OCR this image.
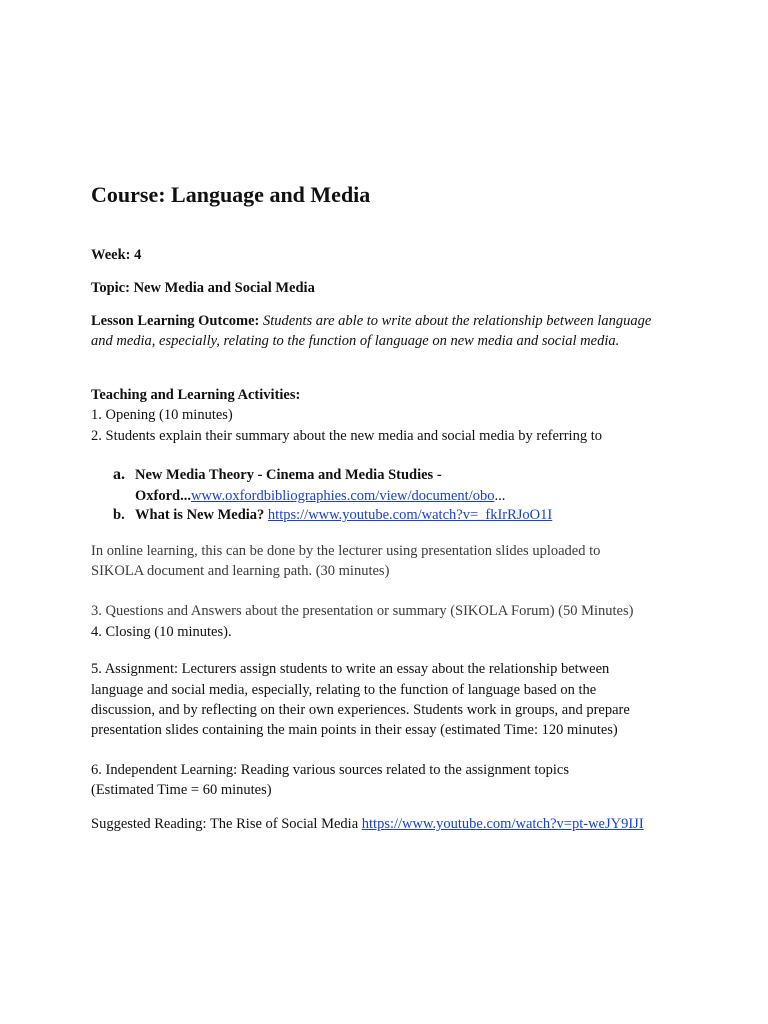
Course: Language and Media
Week: 4
Topic: New Media and Social Media
Lesson Learning Outcome: Students are able to write about the relationship between language
and media, especially, relating to the function of language on new media and social media.
Teaching and Learning Activities:
1. Opening (10 minutes)
2. Students explain their summary about the new media and social media by referring to
a. New Media Theory - Cinema and Media Studies -
Oxford...www.oxfordbibliographies.com/view/document/obo...
b. What is New Media? https://www.youtube.com/watch?v=_fkIrRJoO1I
In online learning, this can be done by the lecturer using presentation slides uploaded to
SIKOLA document and learning path. (30 minutes)
3. Questions and Answers about the presentation or summary (SIKOLA Forum) (50 Minutes)
4. Closing (10 minutes).
5. Assignment: Lecturers assign students to write an essay about the relationship between
language and social media, especially, relating to the function of language based on the
discussion, and by reflecting on their own experiences. Students work in groups, and prepare
presentation slides containing the main points in their essay (estimated Time: 120 minutes)
6. Independent Learning: Reading various sources related to the assignment topics
(Estimated Time = 60 minutes)
Suggested Reading: The Rise of Social Media https://www.youtube.com/watch?v=pt-weJY9IJI
